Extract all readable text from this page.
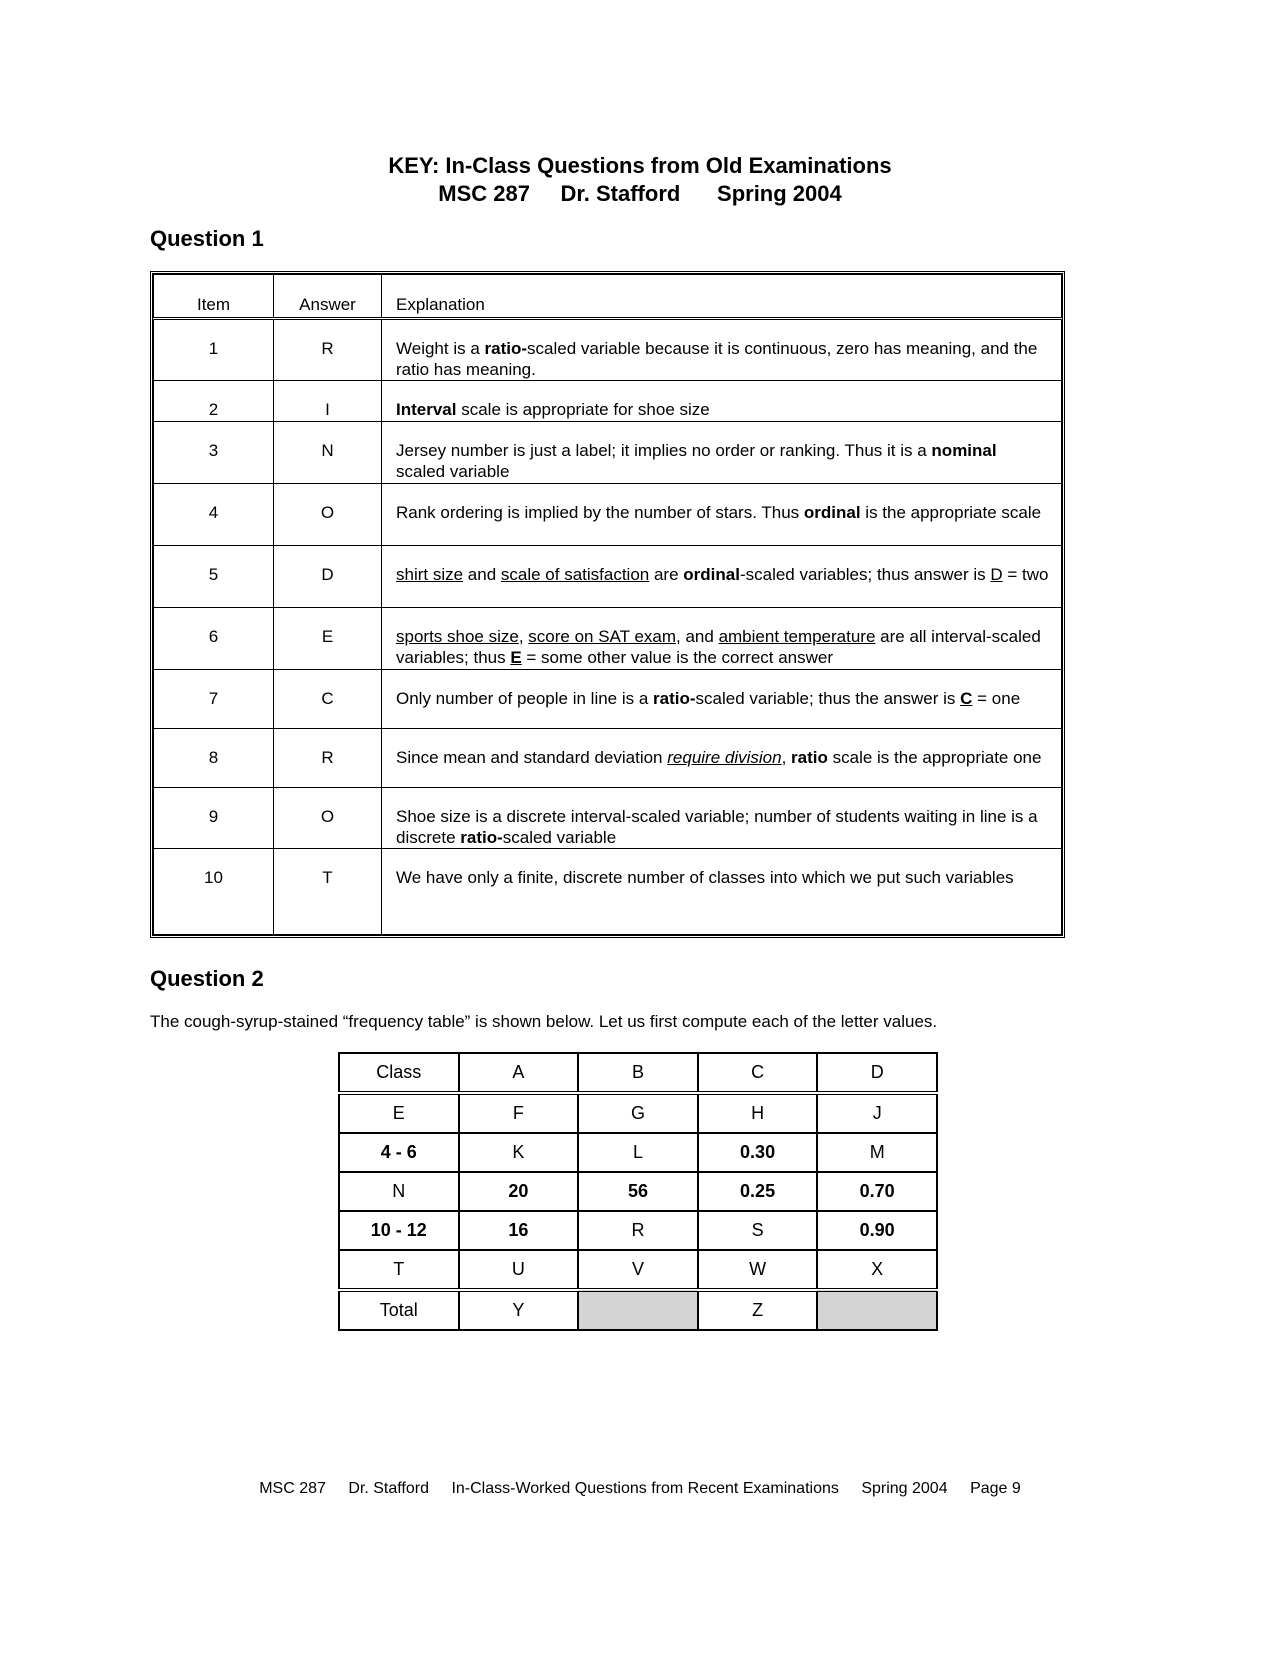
KEY: In-Class Questions from Old Examinations
MSC 287 Dr. Stafford Spring 2004
Question 1
Item	Answer	Explanation
1	R	Weight is a ratio-scaled variable because it is continuous, zero has meaning, and the ratio has meaning.
2	I	Interval scale is appropriate for shoe size
3	N	Jersey number is just a label; it implies no order or ranking. Thus it is a nominal scaled variable
4	O	Rank ordering is implied by the number of stars. Thus ordinal is the appropriate scale
5	D	shirt size and scale of satisfaction are ordinal-scaled variables; thus answer is D = two
6	E	sports shoe size, score on SAT exam, and ambient temperature are all interval-scaled variables; thus E = some other value is the correct answer
7	C	Only number of people in line is a ratio-scaled variable; thus the answer is C = one
8	R	Since mean and standard deviation require division, ratio scale is the appropriate one
9	O	Shoe size is a discrete interval-scaled variable; number of students waiting in line is a discrete ratio-scaled variable
10	T	We have only a finite, discrete number of classes into which we put such variables
Question 2
The cough-syrup-stained “frequency table” is shown below. Let us first compute each of the letter values.
Class	A	B	C	D
E	F	G	H	J
4 - 6	K	L	0.30	M
N	20	56	0.25	0.70
10 - 12	16	R	S	0.90
T	U	V	W	X
Total	Y		Z	
MSC 287 Dr. Stafford In-Class-Worked Questions from Recent Examinations Spring 2004 Page 9
